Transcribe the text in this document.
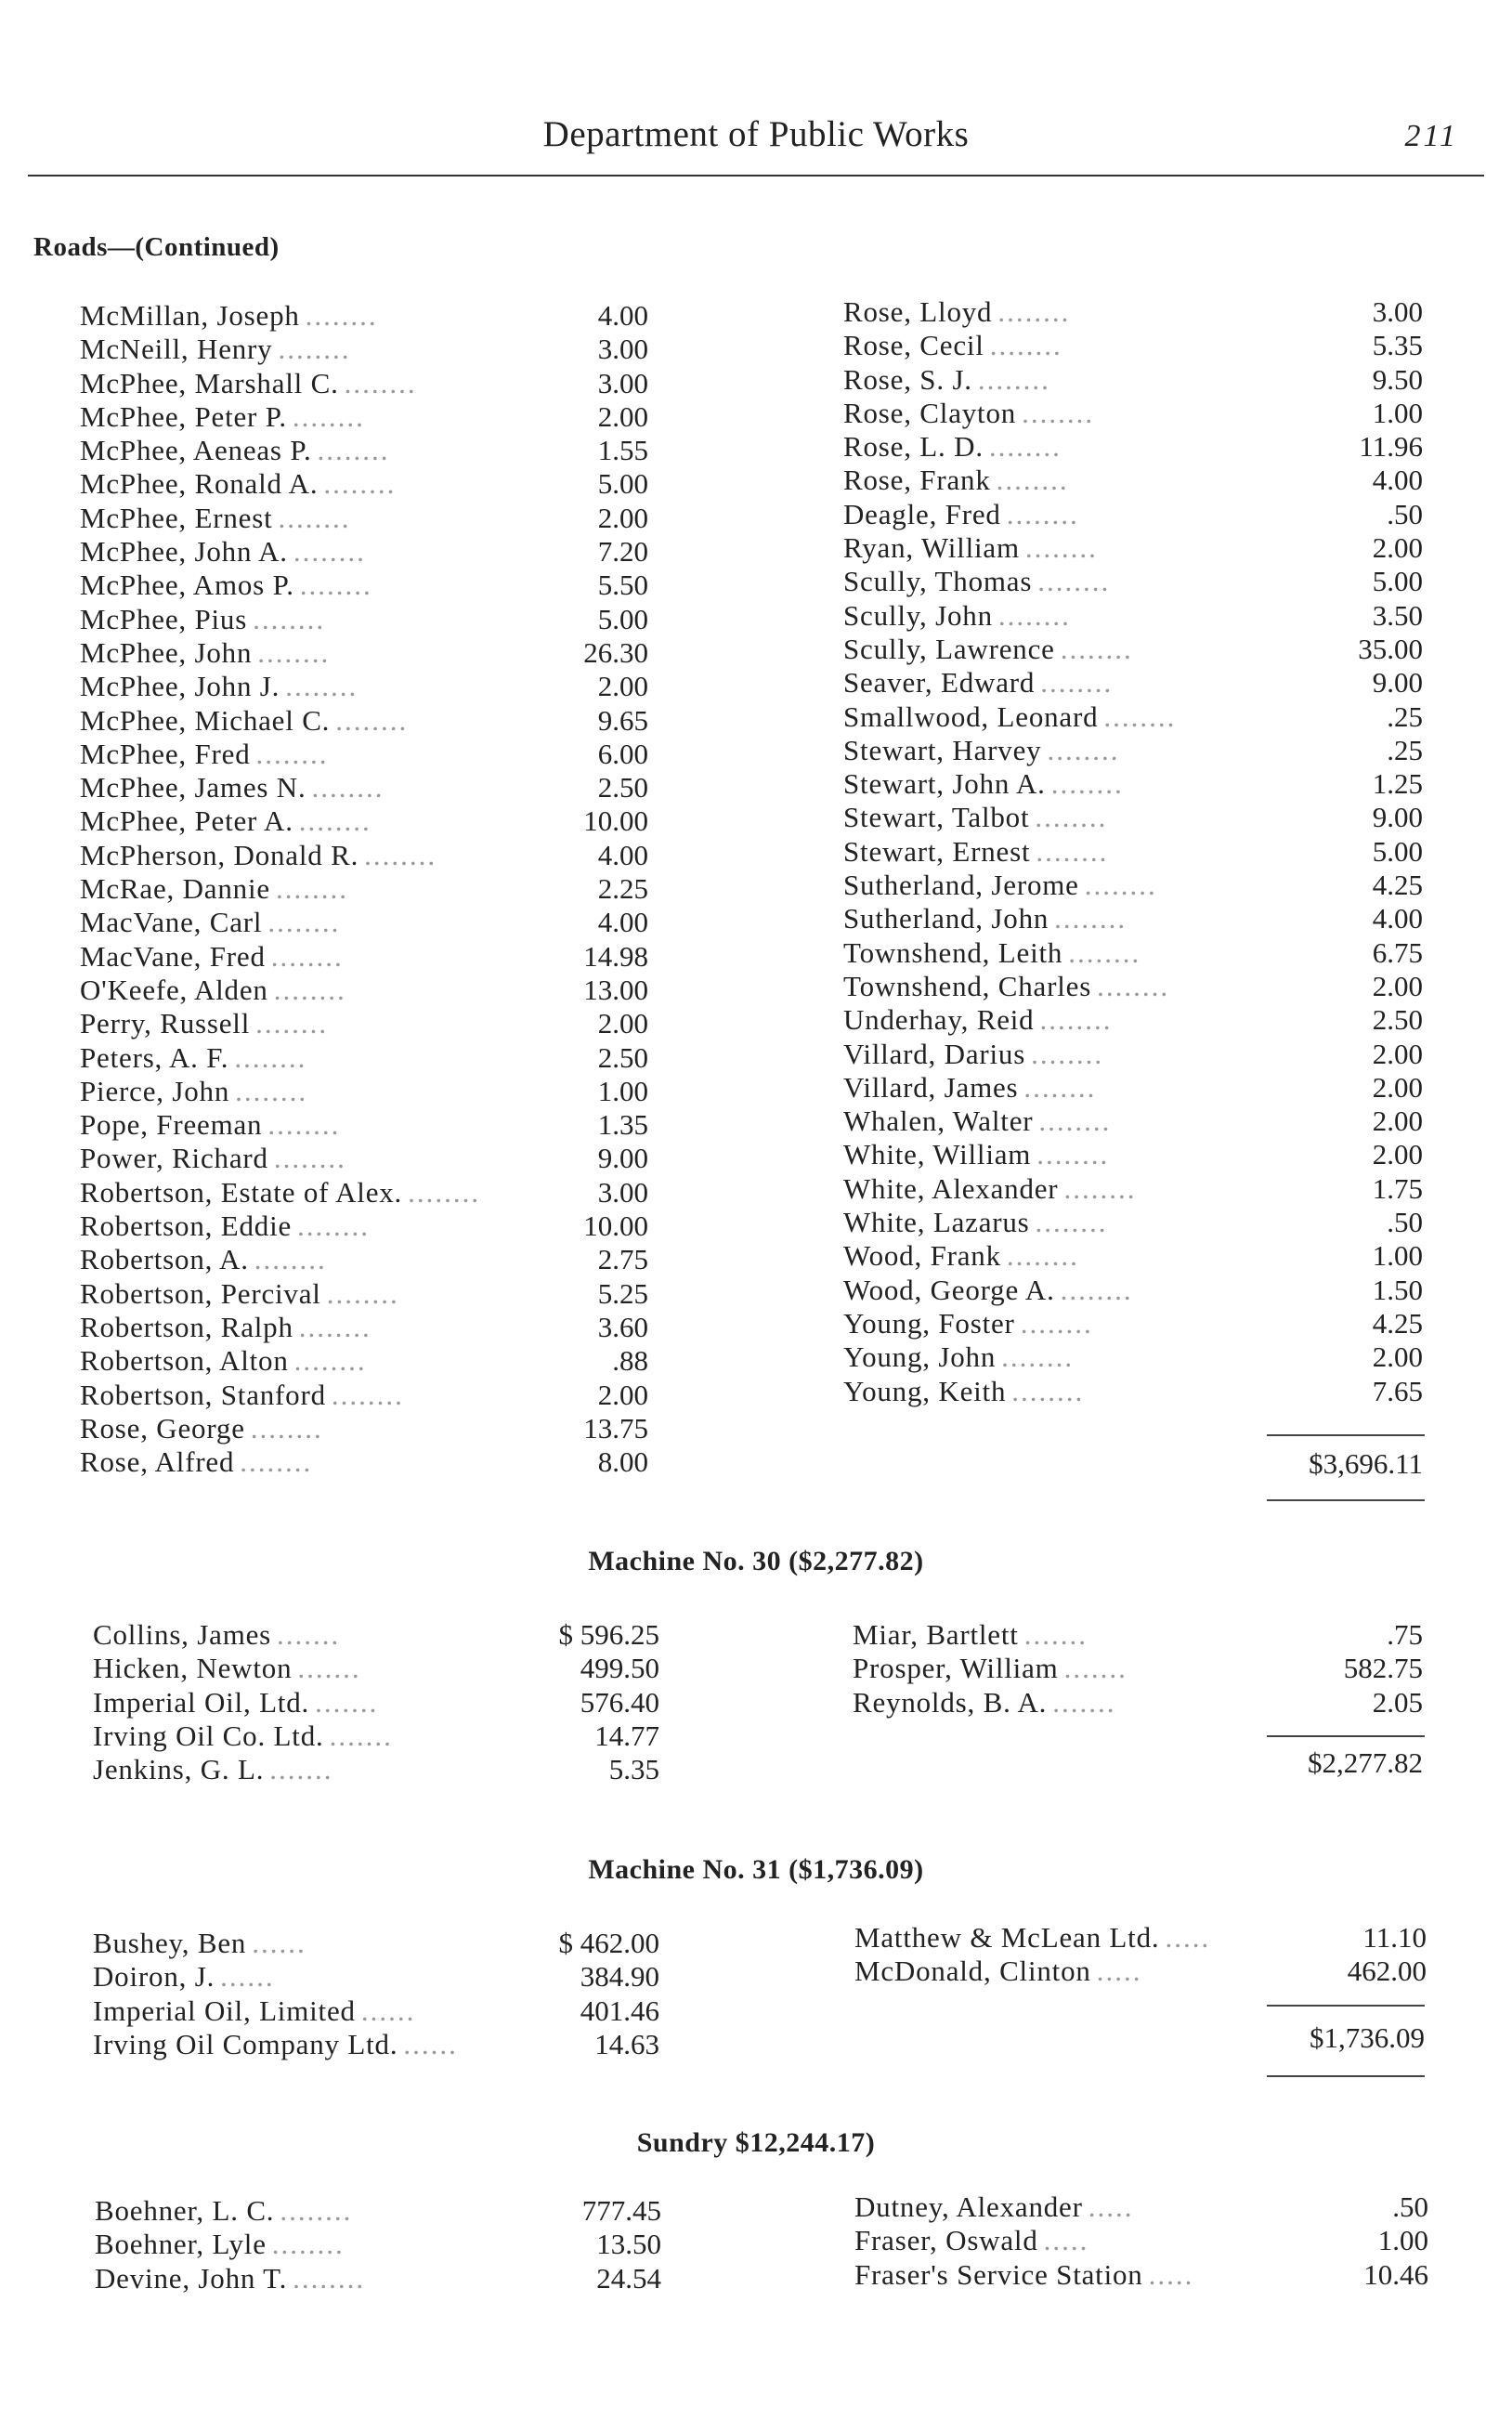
Department of Public Works	211
Roads—(Continued)
McMillan, Joseph ........	4.00
McNeill, Henry ........	3.00
McPhee, Marshall C. ........	3.00
McPhee, Peter P. ........	2.00
McPhee, Aeneas P. ........	1.55
McPhee, Ronald A. ........	5.00
McPhee, Ernest ........	2.00
McPhee, John A. ........	7.20
McPhee, Amos P. ........	5.50
McPhee, Pius ........	5.00
McPhee, John ........	26.30
McPhee, John J. ........	2.00
McPhee, Michael C. ........	9.65
McPhee, Fred ........	6.00
McPhee, James N. ........	2.50
McPhee, Peter A. ........	10.00
McPherson, Donald R. ........	4.00
McRae, Dannie ........	2.25
MacVane, Carl ........	4.00
MacVane, Fred ........	14.98
O'Keefe, Alden ........	13.00
Perry, Russell ........	2.00
Peters, A. F. ........	2.50
Pierce, John ........	1.00
Pope, Freeman ........	1.35
Power, Richard ........	9.00
Robertson, Estate of Alex. ........	3.00
Robertson, Eddie ........	10.00
Robertson, A. ........	2.75
Robertson, Percival ........	5.25
Robertson, Ralph ........	3.60
Robertson, Alton ........	.88
Robertson, Stanford ........	2.00
Rose, George ........	13.75
Rose, Alfred ........	8.00
Rose, Lloyd ........	3.00
Rose, Cecil ........	5.35
Rose, S. J. ........	9.50
Rose, Clayton ........	1.00
Rose, L. D. ........	11.96
Rose, Frank ........	4.00
Deagle, Fred ........	.50
Ryan, William ........	2.00
Scully, Thomas ........	5.00
Scully, John ........	3.50
Scully, Lawrence ........	35.00
Seaver, Edward ........	9.00
Smallwood, Leonard ........	.25
Stewart, Harvey ........	.25
Stewart, John A. ........	1.25
Stewart, Talbot ........	9.00
Stewart, Ernest ........	5.00
Sutherland, Jerome ........	4.25
Sutherland, John ........	4.00
Townshend, Leith ........	6.75
Townshend, Charles ........	2.00
Underhay, Reid ........	2.50
Villard, Darius ........	2.00
Villard, James ........	2.00
Whalen, Walter ........	2.00
White, William ........	2.00
White, Alexander ........	1.75
White, Lazarus ........	.50
Wood, Frank ........	1.00
Wood, George A. ........	1.50
Young, Foster ........	4.25
Young, John ........	2.00
Young, Keith ........	7.65
$3,696.11
Machine No. 30 ($2,277.82)
Collins, James .......	$ 596.25
Hicken, Newton .......	499.50
Imperial Oil, Ltd. .......	576.40
Irving Oil Co. Ltd. .......	14.77
Jenkins, G. L. .......	5.35
Miar, Bartlett .......	.75
Prosper, William .......	582.75
Reynolds, B. A. .......	2.05
$2,277.82
Machine No. 31 ($1,736.09)
Bushey, Ben ......	$ 462.00
Doiron, J. ......	384.90
Imperial Oil, Limited ......	401.46
Irving Oil Company Ltd. ......	14.63
Matthew & McLean Ltd. .....	11.10
McDonald, Clinton .....	462.00
$1,736.09
Sundry $12,244.17)
Boehner, L. C. ........	777.45
Boehner, Lyle ........	13.50
Devine, John T. ........	24.54
Dutney, Alexander .....	.50
Fraser, Oswald .....	1.00
Fraser's Service Station .....	10.46
